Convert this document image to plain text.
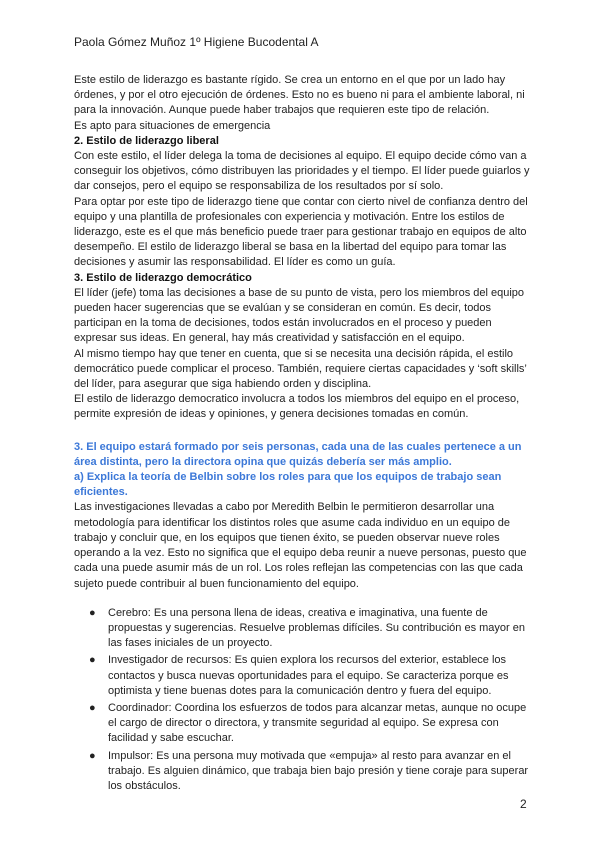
Paola Gómez Muñoz 1º Higiene Bucodental A

Este estilo de liderazgo es bastante rígido. Se crea un entorno en el que por un lado hay órdenes, y por el otro ejecución de órdenes. Esto no es bueno ni para el ambiente laboral, ni para la innovación. Aunque puede haber trabajos que requieren este tipo de relación.

Es apto para situaciones de emergencia

2. Estilo de liderazgo liberal

Con este estilo, el líder delega la toma de decisiones al equipo. El equipo decide cómo van a conseguir los objetivos, cómo distribuyen las prioridades y el tiempo. El líder puede guiarlos y dar consejos, pero el equipo se responsabiliza de los resultados por sí solo.

Para optar por este tipo de liderazgo tiene que contar con cierto nivel de confianza dentro del equipo y una plantilla de profesionales con experiencia y motivación. Entre los estilos de liderazgo, este es el que más beneficio puede traer para gestionar trabajo en equipos de alto desempeño. El estilo de liderazgo liberal se basa en la libertad del equipo para tomar las decisiones y asumir las responsabilidad. El líder es como un guía.

3. Estilo de liderazgo democrático

El líder (jefe) toma las decisiones a base de su punto de vista, pero los miembros del equipo pueden hacer sugerencias que se evalúan y se consideran en común. Es decir, todos participan en la toma de decisiones, todos están involucrados en el proceso y pueden expresar sus ideas. En general, hay más creatividad y satisfacción en el equipo.

Al mismo tiempo hay que tener en cuenta, que si se necesita una decisión rápida, el estilo democrático puede complicar el proceso. También, requiere ciertas capacidades y ‘soft skills’ del líder, para asegurar que siga habiendo orden y disciplina.

El estilo de liderazgo democratico involucra a todos los miembros del equipo en el proceso, permite expresión de ideas y opiniones, y genera decisiones tomadas en común.

3. El equipo estará formado por seis personas, cada una de las cuales pertenece a un área distinta, pero la directora opina que quizás debería ser más amplio.

a) Explica la teoría de Belbin sobre los roles para que los equipos de trabajo sean eficientes.

Las investigaciones llevadas a cabo por Meredith Belbin le permitieron desarrollar una metodología para identificar los distintos roles que asume cada individuo en un equipo de trabajo y concluir que, en los equipos que tienen éxito, se pueden observar nueve roles operando a la vez. Esto no significa que el equipo deba reunir a nueve personas, puesto que cada una puede asumir más de un rol. Los roles reflejan las competencias con las que cada sujeto puede contribuir al buen funcionamiento del equipo.

● Cerebro: Es una persona llena de ideas, creativa e imaginativa, una fuente de propuestas y sugerencias. Resuelve problemas difíciles. Su contribución es mayor en las fases iniciales de un proyecto.
● Investigador de recursos: Es quien explora los recursos del exterior, establece los contactos y busca nuevas oportunidades para el equipo. Se caracteriza porque es optimista y tiene buenas dotes para la comunicación dentro y fuera del equipo.
● Coordinador: Coordina los esfuerzos de todos para alcanzar metas, aunque no ocupe el cargo de director o directora, y transmite seguridad al equipo. Se expresa con facilidad y sabe escuchar.
● Impulsor: Es una persona muy motivada que «empuja» al resto para avanzar en el trabajo. Es alguien dinámico, que trabaja bien bajo presión y tiene coraje para superar los obstáculos.
2
